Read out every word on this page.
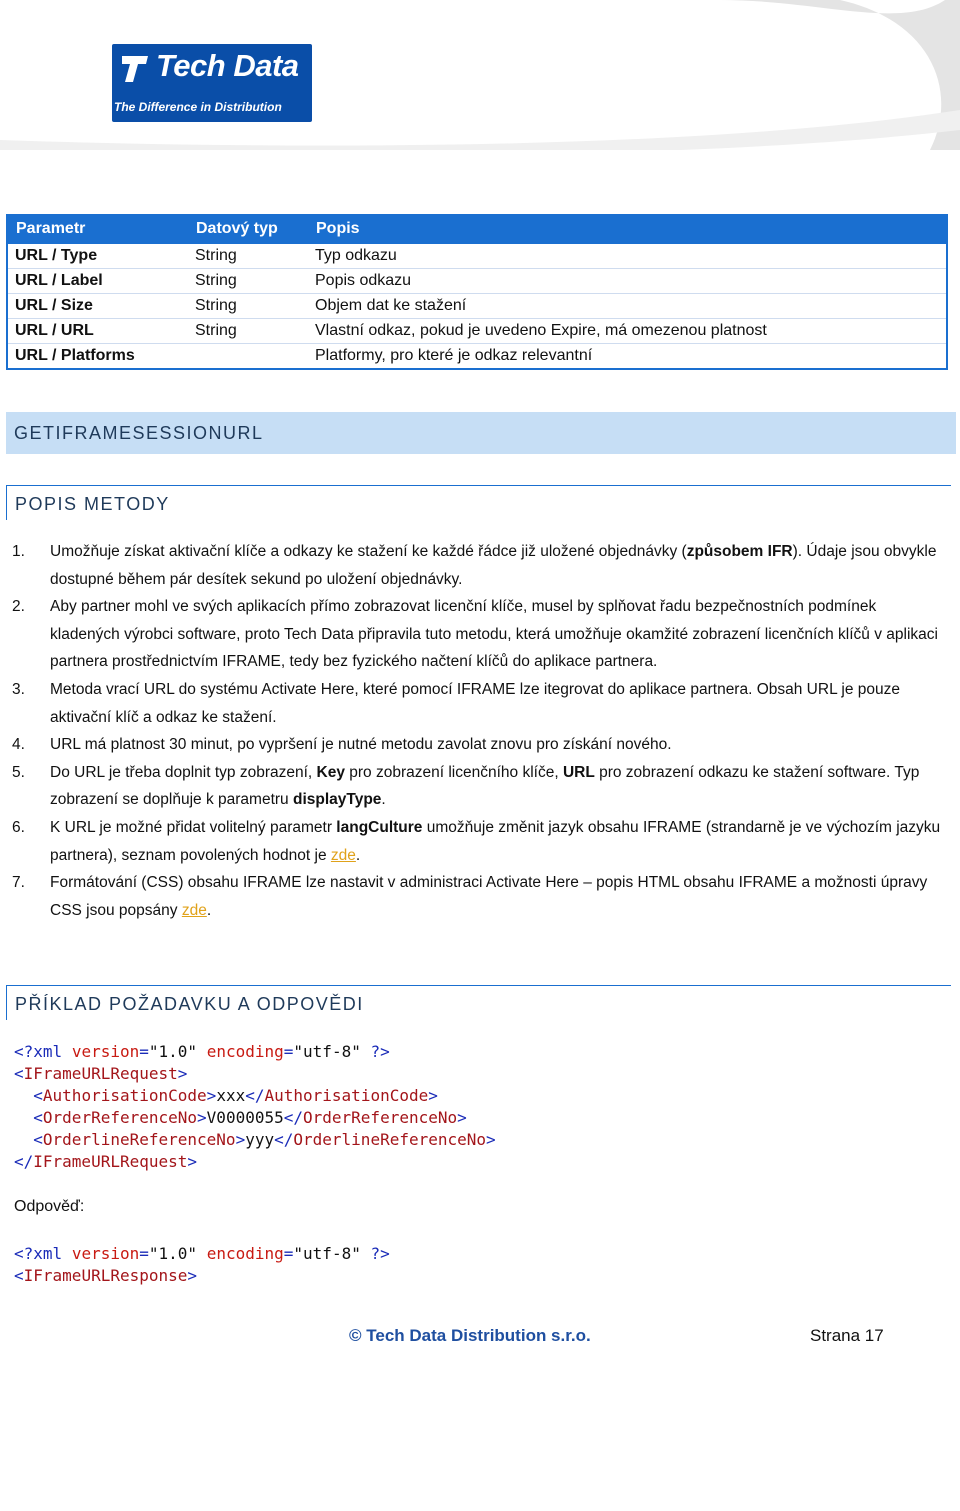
Tech Data
The Difference in Distribution
Parametr	Datový typ	Popis
URL / Type	String	Typ odkazu
URL / Label	String	Popis odkazu
URL / Size	String	Objem dat ke stažení
URL / URL	String	Vlastní odkaz, pokud je uvedeno Expire, má omezenou platnost
URL / Platforms		Platformy, pro které je odkaz relevantní
GETIFRAMESESSIONURL
POPIS METODY
1. Umožňuje získat aktivační klíče a odkazy ke stažení ke každé řádce již uložené objednávky (způsobem IFR). Údaje jsou obvykle dostupné během pár desítek sekund po uložení objednávky.
2. Aby partner mohl ve svých aplikacích přímo zobrazovat licenční klíče, musel by splňovat řadu bezpečnostních podmínek kladených výrobci software, proto Tech Data připravila tuto metodu, která umožňuje okamžité zobrazení licenčních klíčů v aplikaci partnera prostřednictvím IFRAME, tedy bez fyzického načtení klíčů do aplikace partnera.
3. Metoda vrací URL do systému Activate Here, které pomocí IFRAME lze itegrovat do aplikace partnera. Obsah URL je pouze aktivační klíč a odkaz ke stažení.
4. URL má platnost 30 minut, po vypršení je nutné metodu zavolat znovu pro získání nového.
5. Do URL je třeba doplnit typ zobrazení, Key pro zobrazení licenčního klíče, URL pro zobrazení odkazu ke stažení software. Typ zobrazení se doplňuje k parametru displayType.
6. K URL je možné přidat volitelný parametr langCulture umožňuje změnit jazyk obsahu IFRAME (strandarně je ve výchozím jazyku partnera), seznam povolených hodnot je zde.
7. Formátování (CSS) obsahu IFRAME lze nastavit v administraci Activate Here – popis HTML obsahu IFRAME a možnosti úpravy CSS jsou popsány zde.
PŘÍKLAD POŽADAVKU A ODPOVĚDI
<?xml version="1.0" encoding="utf-8" ?>
<IFrameURLRequest>
<AuthorisationCode>xxx</AuthorisationCode>
<OrderReferenceNo>V0000055</OrderReferenceNo>
<OrderlineReferenceNo>yyy</OrderlineReferenceNo>
</IFrameURLRequest>
Odpověď:
<?xml version="1.0" encoding="utf-8" ?>
<IFrameURLResponse>
© Tech Data Distribution s.r.o.	Strana 17
